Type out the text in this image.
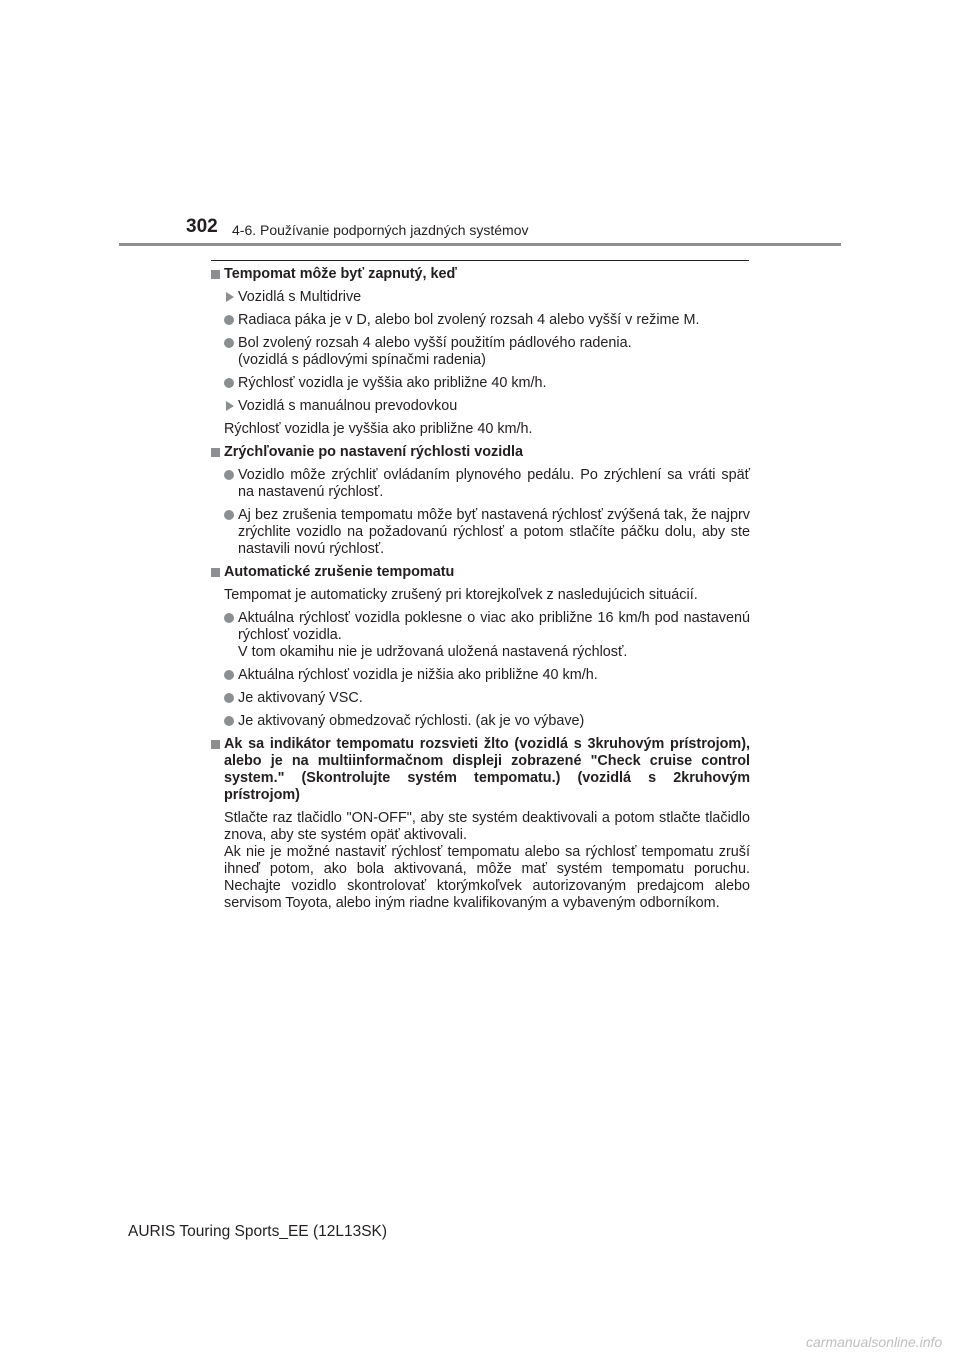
302 4-6. Používanie podporných jazdných systémov
Tempomat môže byť zapnutý, keď
Vozidlá s Multidrive
Radiaca páka je v D, alebo bol zvolený rozsah 4 alebo vyšší v režime M.
Bol zvolený rozsah 4 alebo vyšší použitím pádlového radenia.
(vozidlá s pádlovými spínačmi radenia)
Rýchlosť vozidla je vyššia ako približne 40 km/h.
Vozidlá s manuálnou prevodovkou
Rýchlosť vozidla je vyššia ako približne 40 km/h.
Zrýchľovanie po nastavení rýchlosti vozidla
Vozidlo môže zrýchliť ovládaním plynového pedálu. Po zrýchlení sa vráti späť na nastavenú rýchlosť.
Aj bez zrušenia tempomatu môže byť nastavená rýchlosť zvýšená tak, že najprv zrýchlite vozidlo na požadovanú rýchlosť a potom stlačíte páčku dolu, aby ste nastavili novú rýchlosť.
Automatické zrušenie tempomatu
Tempomat je automaticky zrušený pri ktorejkoľvek z nasledujúcich situácií.
Aktuálna rýchlosť vozidla poklesne o viac ako približne 16 km/h pod nastavenú rýchlosť vozidla.
V tom okamihu nie je udržovaná uložená nastavená rýchlosť.
Aktuálna rýchlosť vozidla je nižšia ako približne 40 km/h.
Je aktivovaný VSC.
Je aktivovaný obmedzovač rýchlosti. (ak je vo výbave)
Ak sa indikátor tempomatu rozsvieti žlto (vozidlá s 3kruhovým prístrojom), alebo je na multiinformačnom displeji zobrazené "Check cruise control system." (Skontrolujte systém tempomatu.) (vozidlá s 2kruhovým prístrojom)
Stlačte raz tlačidlo "ON-OFF", aby ste systém deaktivovali a potom stlačte tlačidlo znova, aby ste systém opäť aktivovali.
Ak nie je možné nastaviť rýchlosť tempomatu alebo sa rýchlosť tempomatu zruší ihneď potom, ako bola aktivovaná, môže mať systém tempomatu poruchu. Nechajte vozidlo skontrolovať ktorýmkoľvek autorizovaným predajcom alebo servisom Toyota, alebo iným riadne kvalifikovaným a vybaveným odborníkom.
AURIS Touring Sports_EE (12L13SK)
carmanualsonline.info
